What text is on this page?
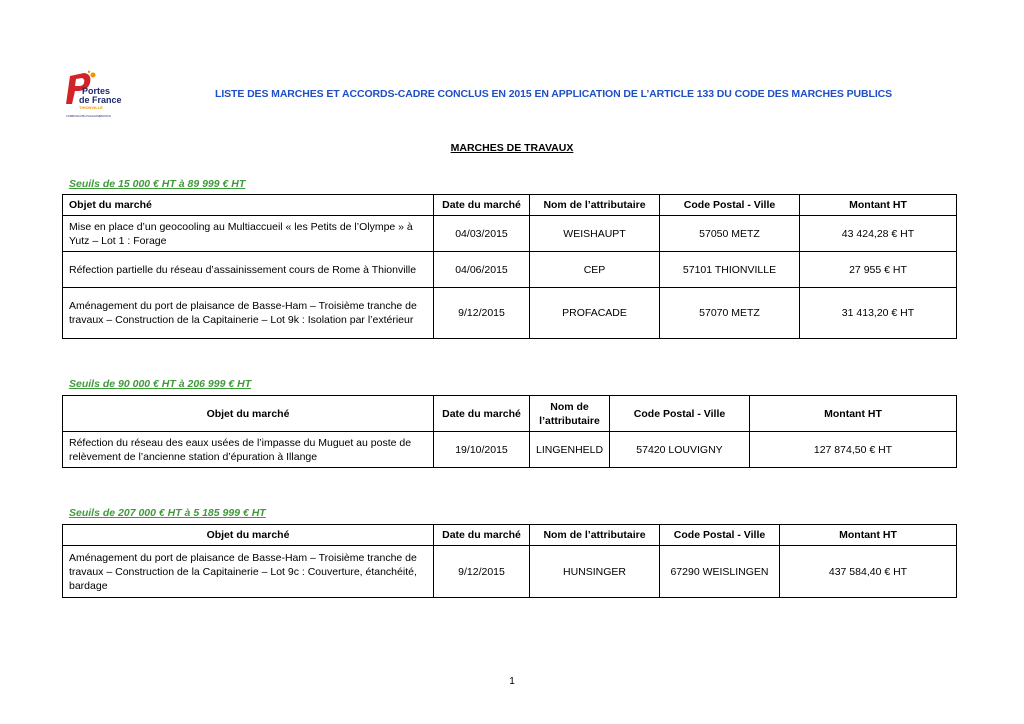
Portes
de France
THIONVILLE
COMMUNAUTÉ D'AGGLOMÉRATION
LISTE DES MARCHES ET ACCORDS-CADRE CONCLUS EN 2015 EN APPLICATION DE L’ARTICLE 133 DU CODE DES MARCHES PUBLICS
MARCHES DE TRAVAUX
Seuils de 15 000 € HT à 89 999 € HT
Objet du marché	Date du marché	Nom de l’attributaire	Code Postal - Ville	Montant HT
Mise en place d’un geocooling au Multiaccueil « les Petits de l’Olympe » à Yutz – Lot 1 : Forage	04/03/2015	WEISHAUPT	57050 METZ	43 424,28 € HT
Réfection partielle du réseau d’assainissement cours de Rome à Thionville	04/06/2015	CEP	57101 THIONVILLE	27 955 € HT
Aménagement du port de plaisance de Basse-Ham – Troisième tranche de travaux – Construction de la Capitainerie – Lot 9k : Isolation par l’extérieur	9/12/2015	PROFACADE	57070 METZ	31 413,20 € HT
Seuils de 90 000 € HT à 206 999 € HT
Objet du marché	Date du marché	Nom de l’attributaire	Code Postal - Ville	Montant HT
Réfection du réseau des eaux usées de l’impasse du Muguet au poste de relèvement de l’ancienne station d’épuration à Illange	19/10/2015	LINGENHELD	57420 LOUVIGNY	127 874,50 € HT
Seuils de 207 000 € HT à 5 185 999 € HT
Objet du marché	Date du marché	Nom de l’attributaire	Code Postal - Ville	Montant HT
Aménagement du port de plaisance de Basse-Ham – Troisième tranche de travaux – Construction de la Capitainerie – Lot 9c : Couverture, étanchéité, bardage	9/12/2015	HUNSINGER	67290 WEISLINGEN	437 584,40 € HT
1
